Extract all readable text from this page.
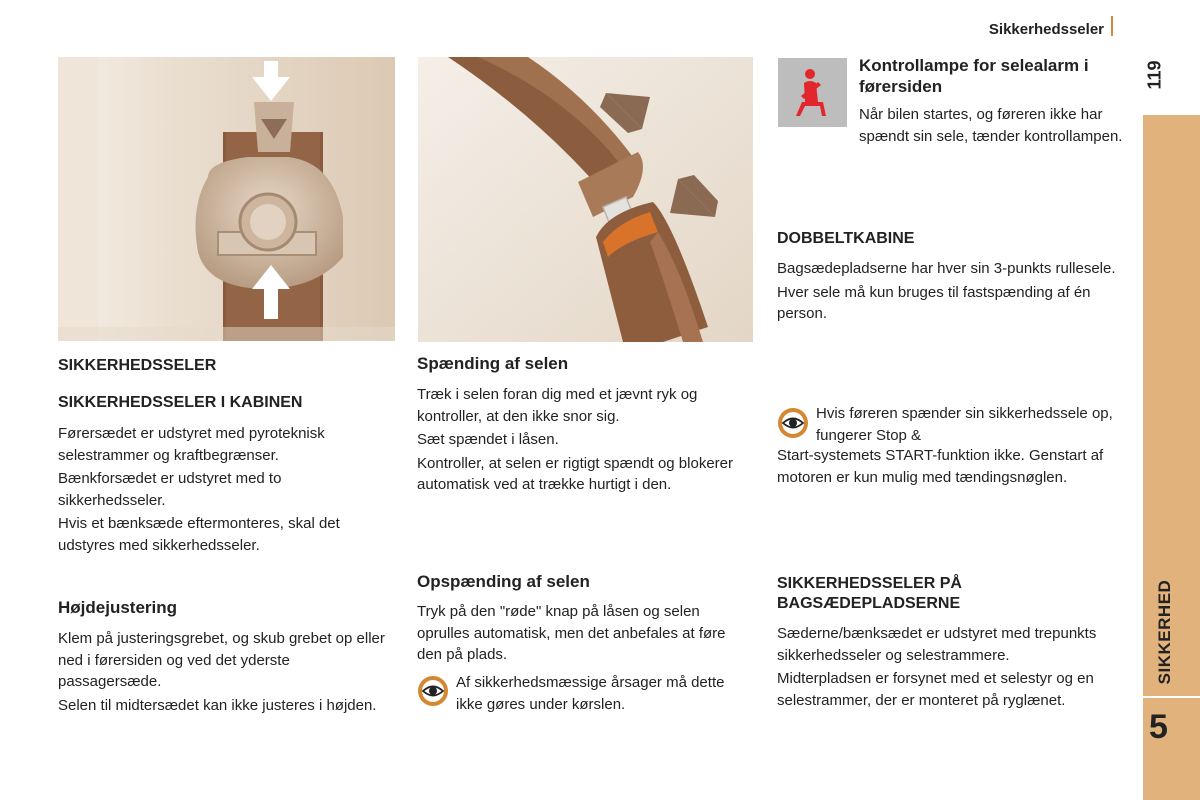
Sikkerhedsseler
119
SIKKERHED
5
SIKKERHEDSSELER
SIKKERHEDSSELER I KABINEN

Førersædet er udstyret med pyroteknisk selestrammer og kraftbegrænser.

Bænkforsædet er udstyret med to sikkerhedsseler.

Hvis et bænksæde eftermonteres, skal det udstyres med sikkerhedsseler.

Højdejustering

Klem på justeringsgrebet, og skub grebet op eller ned i førersiden og ved det yderste passagersæde.

Selen til midtersædet kan ikke justeres i højden.

Spænding af selen

Træk i selen foran dig med et jævnt ryk og kontroller, at den ikke snor sig.

Sæt spændet i låsen.

Kontroller, at selen er rigtigt spændt og blokerer automatisk ved at trække hurtigt i den.

Opspænding af selen

Tryk på den "røde" knap på låsen og selen oprulles automatisk, men det anbefales at føre den på plads.

Af sikkerhedsmæssige årsager må dette ikke gøres under kørslen.
Kontrollampe for selealarm i førersiden
Når bilen startes, og føreren ikke har spændt sin sele, tænder kontrollampen.
DOBBELTKABINE

Bagsædepladserne har hver sin 3-punkts rullesele.

Hver sele må kun bruges til fastspænding af én person.

Hvis føreren spænder sin sikkerhedssele op, fungerer Stop &
Start-systemets START-funktion ikke. Genstart af motoren er kun mulig med tændingsnøglen.
SIKKERHEDSSELER PÅ BAGSÆDEPLADSERNE

Sæderne/bænksædet er udstyret med trepunkts sikkerhedsseler og selestrammere.

Midterpladsen er forsynet med et selestyr og en selestrammer, der er monteret på ryglænet.
